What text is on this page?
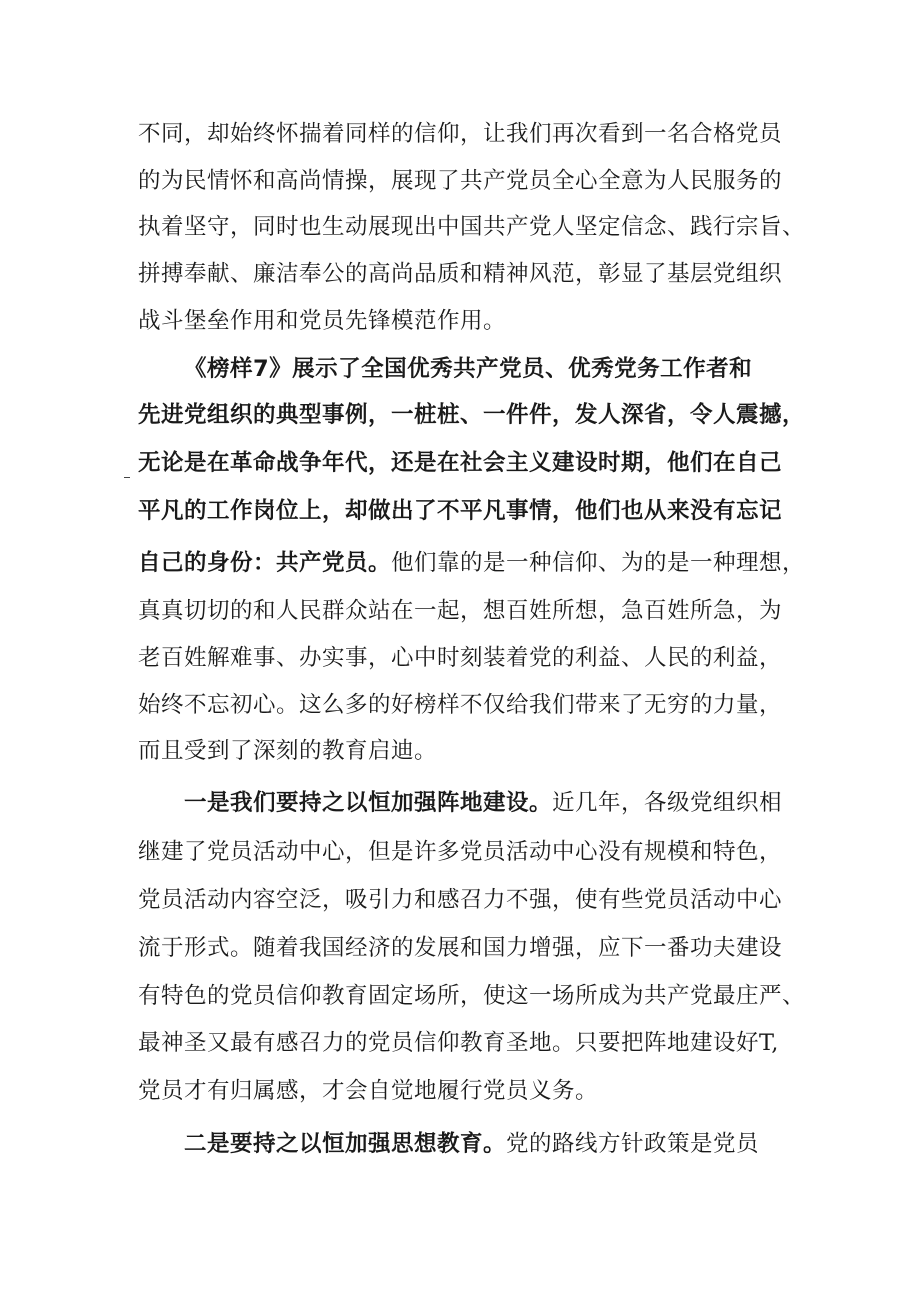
不同，却始终怀揣着同样的信仰，让我们再次看到一名合格党员
的为民情怀和高尚情操，展现了共产党员全心全意为人民服务的
执着坚守，同时也生动展现出中国共产党人坚定信念、践行宗旨、
拼搏奉献、廉洁奉公的高尚品质和精神风范，彰显了基层党组织
战斗堡垒作用和党员先锋模范作用。
《榜样7》展示了全国优秀共产党员、优秀党务工作者和
先进党组织的典型事例，一桩桩、一件件，发人深省，令人震撼，
无论是在革命战争年代，还是在社会主义建设时期，他们在自己
平凡的工作岗位上，却做出了不平凡事情，他们也从来没有忘记
自己的身份：共产党员。他们靠的是一种信仰、为的是一种理想，
真真切切的和人民群众站在一起，想百姓所想，急百姓所急，为
老百姓解难事、办实事，心中时刻装着党的利益、人民的利益，
始终不忘初心。这么多的好榜样不仅给我们带来了无穷的力量，
而且受到了深刻的教育启迪。
一是我们要持之以恒加强阵地建设。近几年，各级党组织相
继建了党员活动中心，但是许多党员活动中心没有规模和特色，
党员活动内容空泛，吸引力和感召力不强，使有些党员活动中心
流于形式。随着我国经济的发展和国力增强，应下一番功夫建设
有特色的党员信仰教育固定场所，使这一场所成为共产党最庄严、
最神圣又最有感召力的党员信仰教育圣地。只要把阵地建设好T,
党员才有归属感，才会自觉地履行党员义务。
二是要持之以恒加强思想教育。党的路线方针政策是党员
